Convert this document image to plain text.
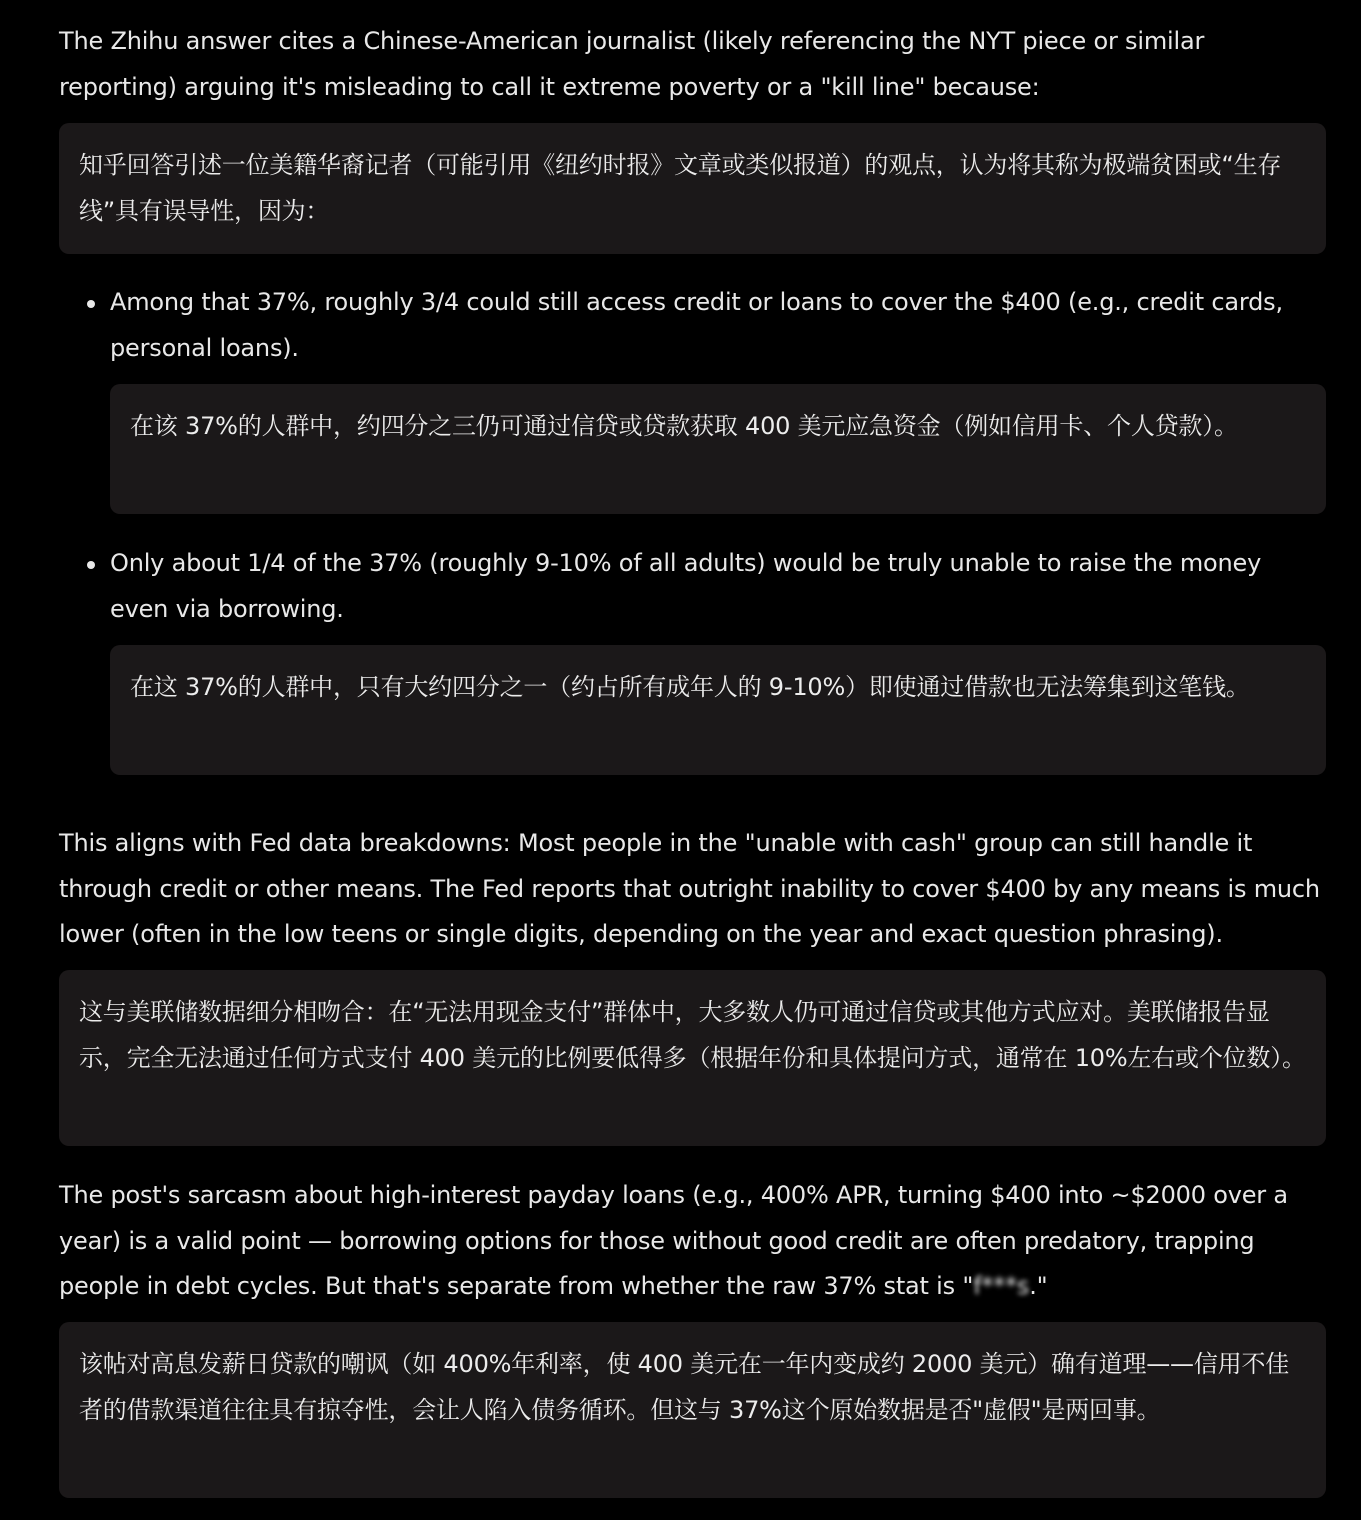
The Zhihu answer cites a Chinese-American journalist (likely referencing the NYT piece or similar reporting) arguing it's misleading to call it extreme poverty or a "kill line" because:

知乎回答引述一位美籍华裔记者（可能引用《纽约时报》文章或类似报道）的观点，认为将其称为极端贫困或“生存线”具有误导性，因为：

Among that 37%, roughly 3/4 could still access credit or loans to cover the $400 (e.g., credit cards, personal loans).

在该 37%的人群中，约四分之三仍可通过信贷或贷款获取 400 美元应急资金（例如信用卡、个人贷款）。

Only about 1/4 of the 37% (roughly 9-10% of all adults) would be truly unable to raise the money even via borrowing.

在这 37%的人群中，只有大约四分之一（约占所有成年人的 9-10%）即使通过借款也无法筹集到这笔钱。

This aligns with Fed data breakdowns: Most people in the "unable with cash" group can still handle it through credit or other means. The Fed reports that outright inability to cover $400 by any means is much lower (often in the low teens or single digits, depending on the year and exact question phrasing).

这与美联储数据细分相吻合：在“无法用现金支付”群体中，大多数人仍可通过信贷或其他方式应对。美联储报告显示，完全无法通过任何方式支付 400 美元的比例要低得多（根据年份和具体提问方式，通常在 10%左右或个位数）。

The post's sarcasm about high-interest payday loans (e.g., 400% APR, turning $400 into ~$2000 over a year) is a valid point — borrowing options for those without good credit are often predatory, trapping people in debt cycles. But that's separate from whether the raw 37% stat is "f***s."

该帖对高息发薪日贷款的嘲讽（如 400%年利率，使 400 美元在一年内变成约 2000 美元）确有道理——信用不佳者的借款渠道往往具有掠夺性，会让人陷入债务循环。但这与 37%这个原始数据是否"虚假"是两回事。
